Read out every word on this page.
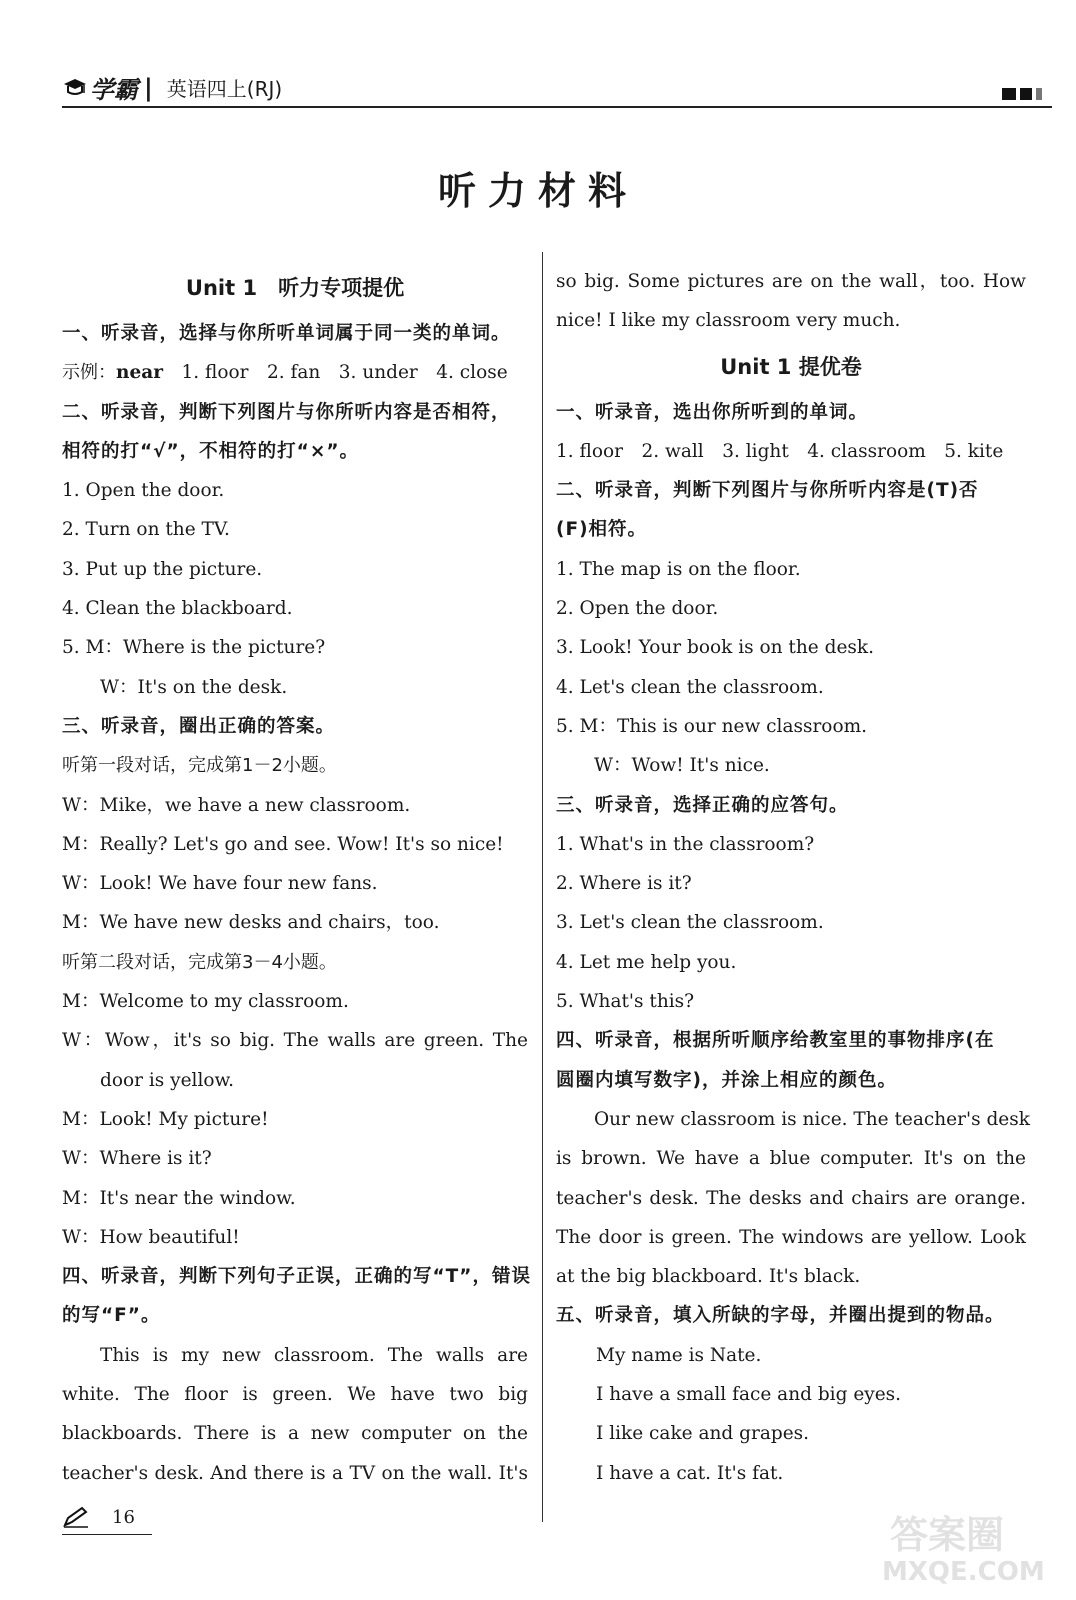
学霸 | 英语四上(RJ)
听力材料
Unit 1　听力专项提优
一、听录音，选择与你所听单词属于同一类的单词。
示例：near　1. floor　2. fan　3. under　4. close
二、听录音，判断下列图片与你所听内容是否相符，
相符的打“√”，不相符的打“×”。
1. Open the door.
2. Turn on the TV.
3. Put up the picture.
4. Clean the blackboard.
5. M：Where is the picture?
W：It's on the desk.
三、听录音，圈出正确的答案。
听第一段对话，完成第1－2小题。
W：Mike，we have a new classroom.
M：Really? Let's go and see. Wow! It's so nice!
W：Look! We have four new fans.
M：We have new desks and chairs，too.
听第二段对话，完成第3－4小题。
M：Welcome to my classroom.
W：Wow，it's so big. The walls are green. The
door is yellow.
M：Look! My picture!
W：Where is it?
M：It's near the window.
W：How beautiful!
四、听录音，判断下列句子正误，正确的写“T”，错误
的写“F”。
This is my new classroom. The walls are
white. The floor is green. We have two big
blackboards. There is a new computer on the
teacher's desk. And there is a TV on the wall. It's
so big. Some pictures are on the wall，too. How
nice! I like my classroom very much.
Unit 1 提优卷
一、听录音，选出你所听到的单词。
1. floor　2. wall　3. light　4. classroom　5. kite
二、听录音，判断下列图片与你所听内容是(T)否
(F)相符。
1. The map is on the floor.
2. Open the door.
3. Look! Your book is on the desk.
4. Let's clean the classroom.
5. M：This is our new classroom.
W：Wow! It's nice.
三、听录音，选择正确的应答句。
1. What's in the classroom?
2. Where is it?
3. Let's clean the classroom.
4. Let me help you.
5. What's this?
四、听录音，根据所听顺序给教室里的事物排序(在
圆圈内填写数字)，并涂上相应的颜色。
Our new classroom is nice. The teacher's desk
is brown. We have a blue computer. It's on the
teacher's desk. The desks and chairs are orange.
The door is green. The windows are yellow. Look
at the big blackboard. It's black.
五、听录音，填入所缺的字母，并圈出提到的物品。
My name is Nate.
I have a small face and big eyes.
I like cake and grapes.
I have a cat. It's fat.
16	答案圈
MXQE.COM
